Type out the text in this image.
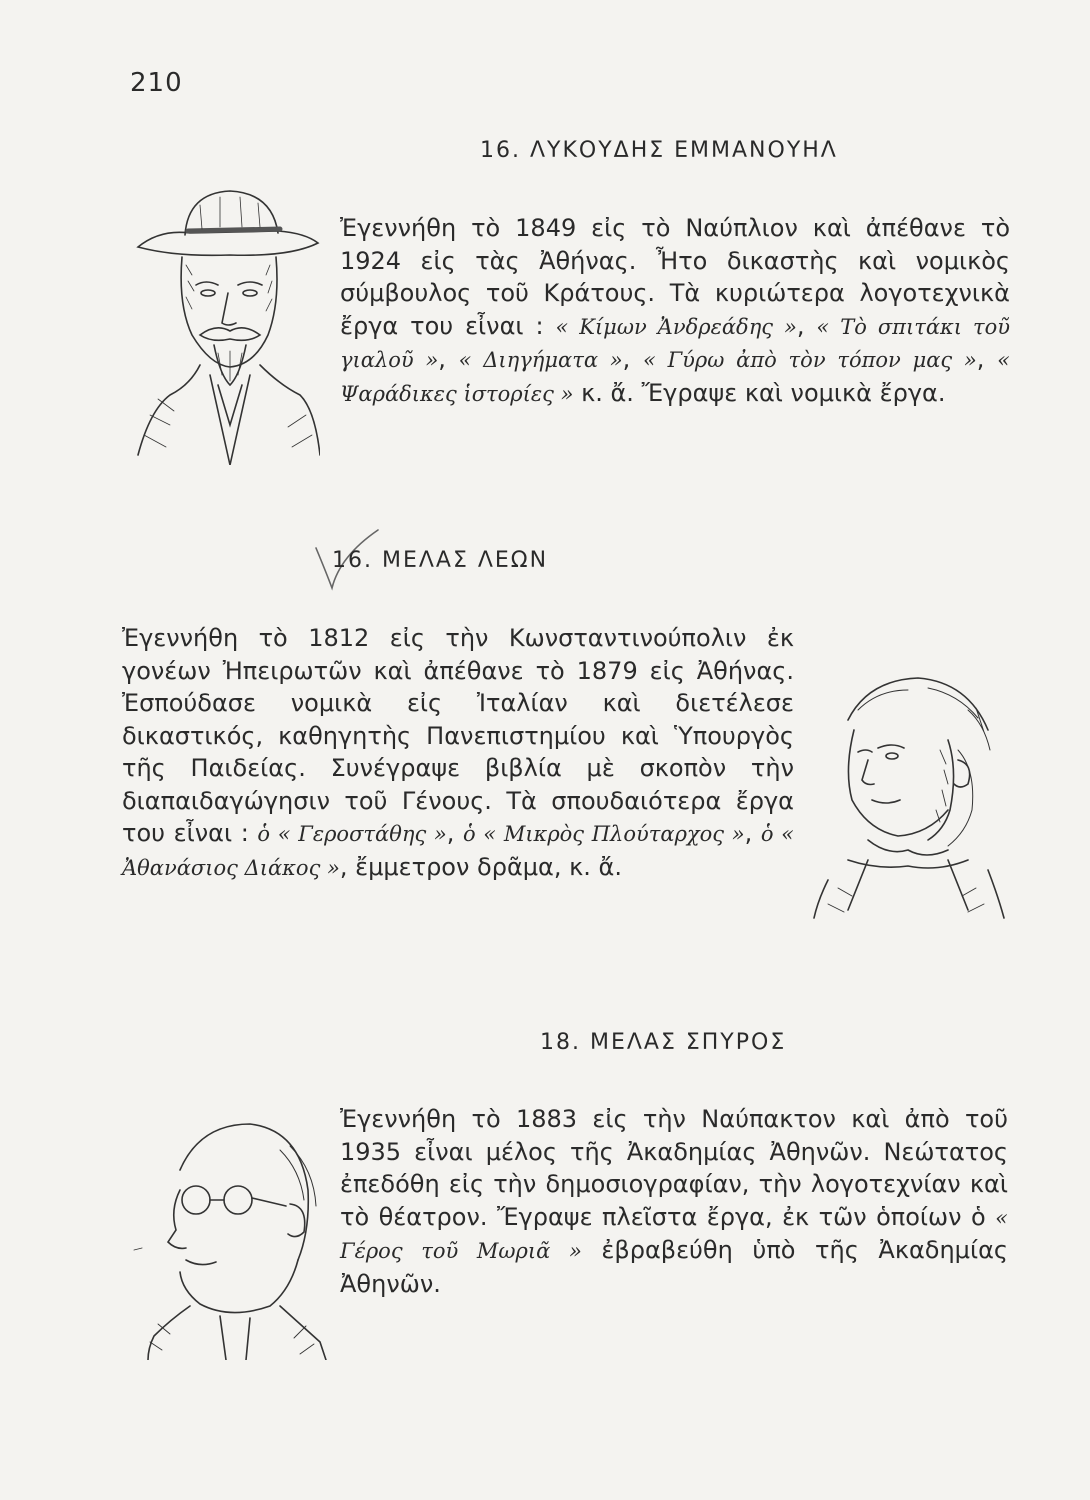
210
16. ΛΥΚΟΥΔΗΣ ΕΜΜΑΝΟΥΗΛ

Ἐγεννήθη τὸ 1849 εἰς τὸ Ναύπλιον καὶ ἀπέθανε τὸ 1924 εἰς τὰς Ἀθήνας. Ἦτο δικαστὴς καὶ νομικὸς σύμβουλος τοῦ Κράτους. Τὰ κυριώτερα λογοτεχνικὰ ἔργα του εἶναι : « Κίμων Ἀνδρεάδης », « Τὸ σπιτάκι τοῦ γιαλοῦ », « Διηγήματα », « Γύρω ἀπὸ τὸν τόπον μας », « Ψαράδικες ἱστορίες » κ. ἄ. Ἔγραψε καὶ νομικὰ ἔργα.

16. ΜΕΛΑΣ ΛΕΩΝ

Ἐγεννήθη τὸ 1812 εἰς τὴν Κωνσταντινούπολιν ἐκ γονέων Ἠπειρωτῶν καὶ ἀπέθανε τὸ 1879 εἰς Ἀθήνας. Ἐσπούδασε νομικὰ εἰς Ἰταλίαν καὶ διετέλεσε δικαστικός, καθηγητὴς Πανεπιστημίου καὶ Ὑπουργὸς τῆς Παιδείας. Συνέγραψε βιβλία μὲ σκοπὸν τὴν διαπαιδαγώγησιν τοῦ Γένους. Τὰ σπουδαιότερα ἔργα του εἶναι : ὁ « Γεροστάθης », ὁ « Μικρὸς Πλούταρχος », ὁ « Ἀθανάσιος Διάκος », ἔμμετρον δρᾶμα, κ. ἄ.

18. ΜΕΛΑΣ ΣΠΥΡΟΣ

Ἐγεννήθη τὸ 1883 εἰς τὴν Ναύπακτον καὶ ἀπὸ τοῦ 1935 εἶναι μέλος τῆς Ἀκαδημίας Ἀθηνῶν. Νεώτατος ἐπεδόθη εἰς τὴν δημοσιογραφίαν, τὴν λογοτεχνίαν καὶ τὸ θέατρον. Ἔγραψε πλεῖστα ἔργα, ἐκ τῶν ὁποίων ὁ « Γέρος τοῦ Μωριᾶ » ἐβραβεύθη ὑπὸ τῆς Ἀκαδημίας Ἀθηνῶν.
